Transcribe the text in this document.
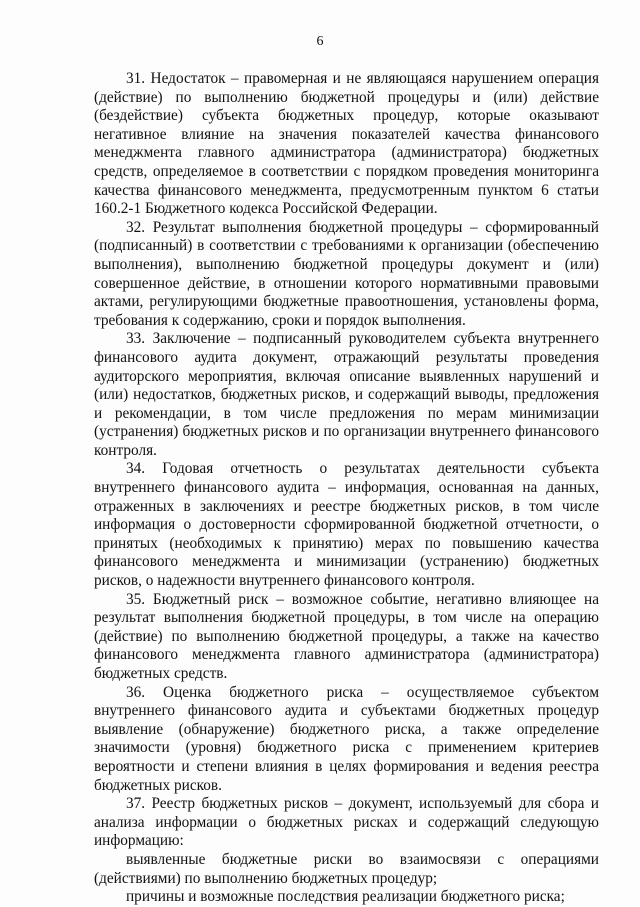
6

31. Недостаток – правомерная и не являющаяся нарушением операция (действие) по выполнению бюджетной процедуры и (или) действие (бездействие) субъекта бюджетных процедур, которые оказывают негативное влияние на значения показателей качества финансового менеджмента главного администратора (администратора) бюджетных средств, определяемое в соответствии с порядком проведения мониторинга качества финансового менеджмента, предусмотренным пунктом 6 статьи 160.2-1 Бюджетного кодекса Российской Федерации.

32. Результат выполнения бюджетной процедуры – сформированный (подписанный) в соответствии с требованиями к организации (обеспечению выполнения), выполнению бюджетной процедуры документ и (или) совершенное действие, в отношении которого нормативными правовыми актами, регулирующими бюджетные правоотношения, установлены форма, требования к содержанию, сроки и порядок выполнения.

33. Заключение – подписанный руководителем субъекта внутреннего финансового аудита документ, отражающий результаты проведения аудиторского мероприятия, включая описание выявленных нарушений и (или) недостатков, бюджетных рисков, и содержащий выводы, предложения и рекомендации, в том числе предложения по мерам минимизации (устранения) бюджетных рисков и по организации внутреннего финансового контроля.

34. Годовая отчетность о результатах деятельности субъекта внутреннего финансового аудита – информация, основанная на данных, отраженных в заключениях и реестре бюджетных рисков, в том числе информация о достоверности сформированной бюджетной отчетности, о принятых (необходимых к принятию) мерах по повышению качества финансового менеджмента и минимизации (устранению) бюджетных рисков, о надежности внутреннего финансового контроля.

35. Бюджетный риск – возможное событие, негативно влияющее на результат выполнения бюджетной процедуры, в том числе на операцию (действие) по выполнению бюджетной процедуры, а также на качество финансового менеджмента главного администратора (администратора) бюджетных средств.

36. Оценка бюджетного риска – осуществляемое субъектом внутреннего финансового аудита и субъектами бюджетных процедур выявление (обнаружение) бюджетного риска, а также определение значимости (уровня) бюджетного риска с применением критериев вероятности и степени влияния в целях формирования и ведения реестра бюджетных рисков.

37. Реестр бюджетных рисков – документ, используемый для сбора и анализа информации о бюджетных рисках и содержащий следующую информацию:

выявленные бюджетные риски во взаимосвязи с операциями (действиями) по выполнению бюджетных процедур;

причины и возможные последствия реализации бюджетного риска;
